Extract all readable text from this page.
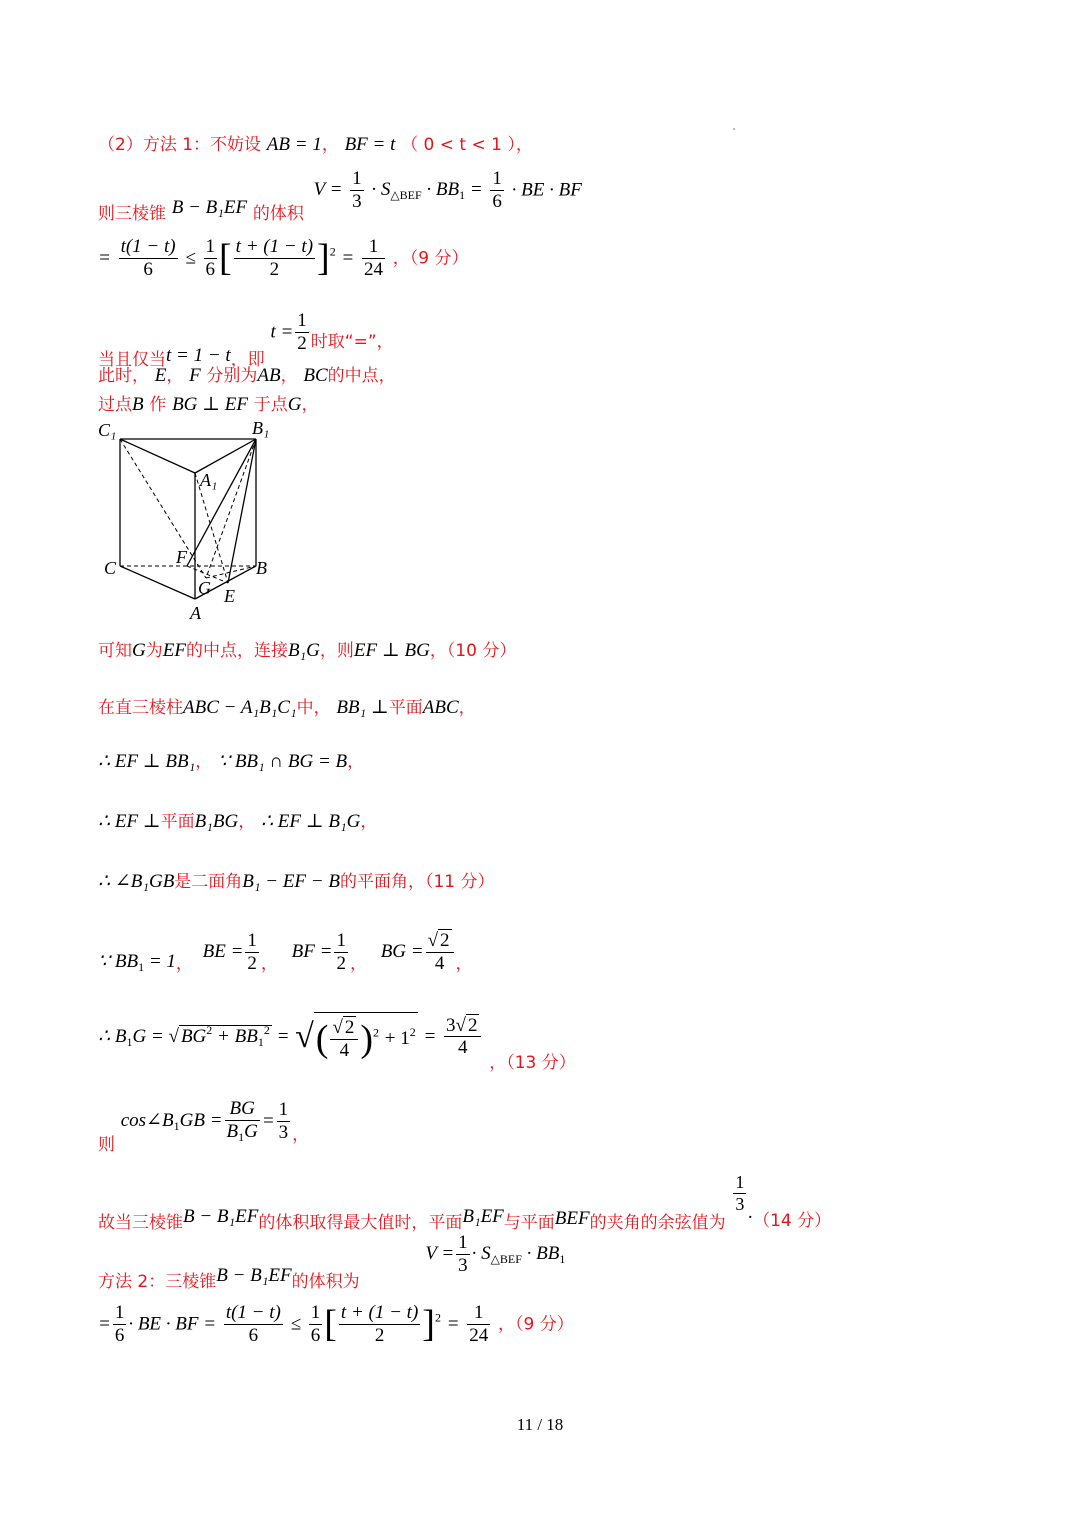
（2）方法 1：不妨设 AB = 1， BF = t （ 0 < t < 1 ），
则三棱锥 B − B₁EF 的体积 $V = \frac{1}{3} \cdot S_{\triangle BEF} \cdot BB_1 = \frac{1}{6}$ · BE · BF
= $\frac{t(1 - t)}{6} \le \frac{1}{6}$ [ $\frac{t + (1 - t)}{2} ]^2 = \frac{1}{24}$ ，（9 分）
当且仅当t = 1 − t，即 $t = \frac{1}{2}$ 时取“=”，
此时， E， F 分别为AB， BC的中点，
过点B 作 BG ⊥ EF 于点G，
C₁	B₁
A₁
C	B
A
F
G E
可知G为EF的中点，连接B₁G，则EF ⊥ BG，（10 分）
在直三棱柱ABC − A₁B₁C₁中， BB₁ ⊥平面ABC，
∴ EF ⊥ BB₁， ∵ BB₁ ∩ BG = B，
∴ EF ⊥平面B₁BG， ∴ EF ⊥ B₁G，
∴ ∠B₁GB是二面角B₁ − EF − B的平面角，（11 分）
∵ $BB_1 = 1$， BE = $\frac{1}{2}$ ， BF = $\frac{1}{2}$ ， BG = $\frac{√ 2}{4}$ ，
∴ $B_1G$ = √ $BG^2 + BB_1^2$ = √( $\frac{√ 2}{4} )^2 + 1^2 = \frac{3√ 2}{4}$
，（13 分）
则 $\cos\angle B_1GB = \frac{BG}{B_1G} = \frac{1}{3}$ ，
故当三棱锥B − B₁EF的体积取得最大值时，平面B₁EF与平面BEF的夹角的余弦值为
$\frac{1}{3} .(14$ 分）
方法 2：三棱锥B − B₁EF的体积为 $V = \frac{1}{3} \cdot S_{\triangle BEF} \cdot BB_1$
= $\frac{1}{6}$ · BE · BF = $\frac{t(1 - t)}{6} \le \frac{1}{6}$ [ $\frac{t + (1 - t)}{2} ]^2 = \frac{1}{24}$ ，（9 分）
11 / 18
